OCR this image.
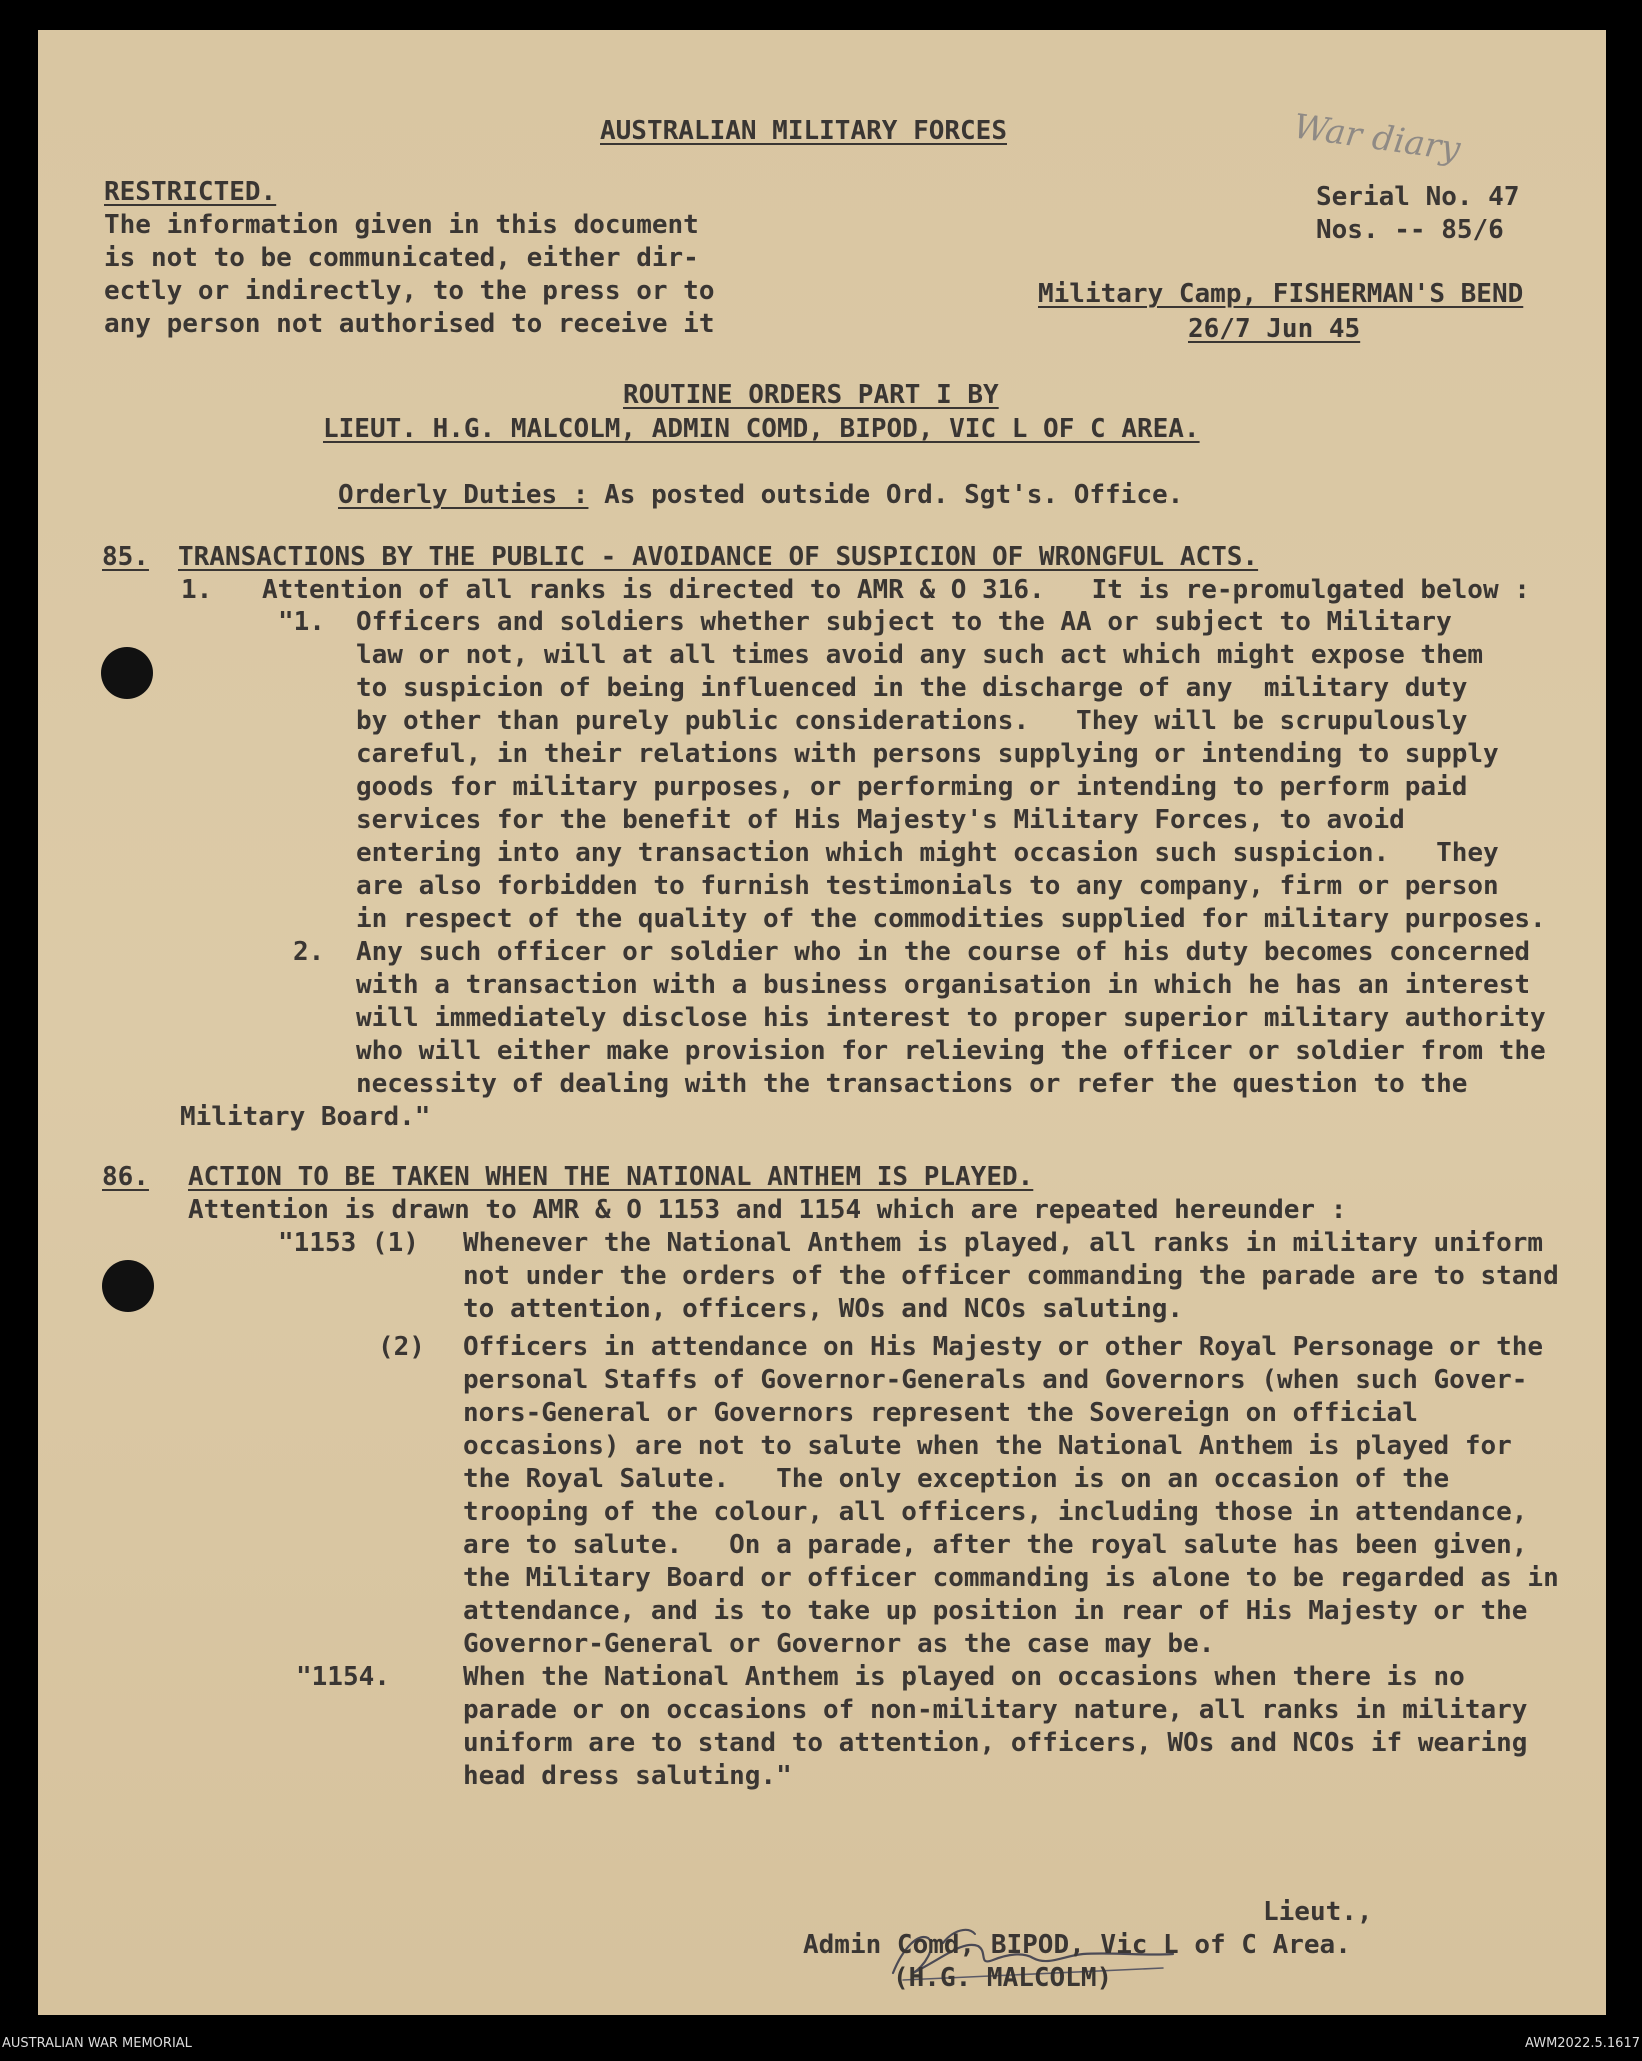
War diary
AUSTRALIAN MILITARY FORCES
RESTRICTED.
The information given in this document
is not to be communicated, either dir-
ectly or indirectly, to the press or to
any person not authorised to receive it
Serial No. 47
Nos. -- 85/6
Military Camp, FISHERMAN'S BEND
26/7 Jun 45
ROUTINE ORDERS PART I BY
LIEUT. H.G. MALCOLM, ADMIN COMD, BIPOD, VIC L OF C AREA.
Orderly Duties : As posted outside Ord. Sgt's. Office.
85. TRANSACTIONS BY THE PUBLIC - AVOIDANCE OF SUSPICION OF WRONGFUL ACTS.
1. Attention of all ranks is directed to AMR & O 316.   It is re-promulgated below :
"1. Officers and soldiers whether subject to the AA or subject to Military
law or not, will at all times avoid any such act which might expose them
to suspicion of being influenced in the discharge of any  military duty
by other than purely public considerations.   They will be scrupulously
careful, in their relations with persons supplying or intending to supply
goods for military purposes, or performing or intending to perform paid
services for the benefit of His Majesty's Military Forces, to avoid
entering into any transaction which might occasion such suspicion.   They
are also forbidden to furnish testimonials to any company, firm or person
in respect of the quality of the commodities supplied for military purposes.
2. Any such officer or soldier who in the course of his duty becomes concerned
with a transaction with a business organisation in which he has an interest
will immediately disclose his interest to proper superior military authority
who will either make provision for relieving the officer or soldier from the
necessity of dealing with the transactions or refer the question to the
Military Board."
86. ACTION TO BE TAKEN WHEN THE NATIONAL ANTHEM IS PLAYED.
Attention is drawn to AMR & O 1153 and 1154 which are repeated hereunder :
"1153 (1) Whenever the National Anthem is played, all ranks in military uniform
not under the orders of the officer commanding the parade are to stand
to attention, officers, WOs and NCOs saluting.
(2) Officers in attendance on His Majesty or other Royal Personage or the
personal Staffs of Governor-Generals and Governors (when such Gover-
nors-General or Governors represent the Sovereign on official
occasions) are not to salute when the National Anthem is played for
the Royal Salute.   The only exception is on an occasion of the
trooping of the colour, all officers, including those in attendance,
are to salute.   On a parade, after the royal salute has been given,
the Military Board or officer commanding is alone to be regarded as in
attendance, and is to take up position in rear of His Majesty or the
Governor-General or Governor as the case may be.
"1154.	When the National Anthem is played on occasions when there is no
parade or on occasions of non-military nature, all ranks in military
uniform are to stand to attention, officers, WOs and NCOs if wearing
head dress saluting."
Lieut.,
Admin Comd, BIPOD, Vic L of C Area.
(H.G. MALCOLM)
AUSTRALIAN WAR MEMORIAL	AWM2022.5.1617
